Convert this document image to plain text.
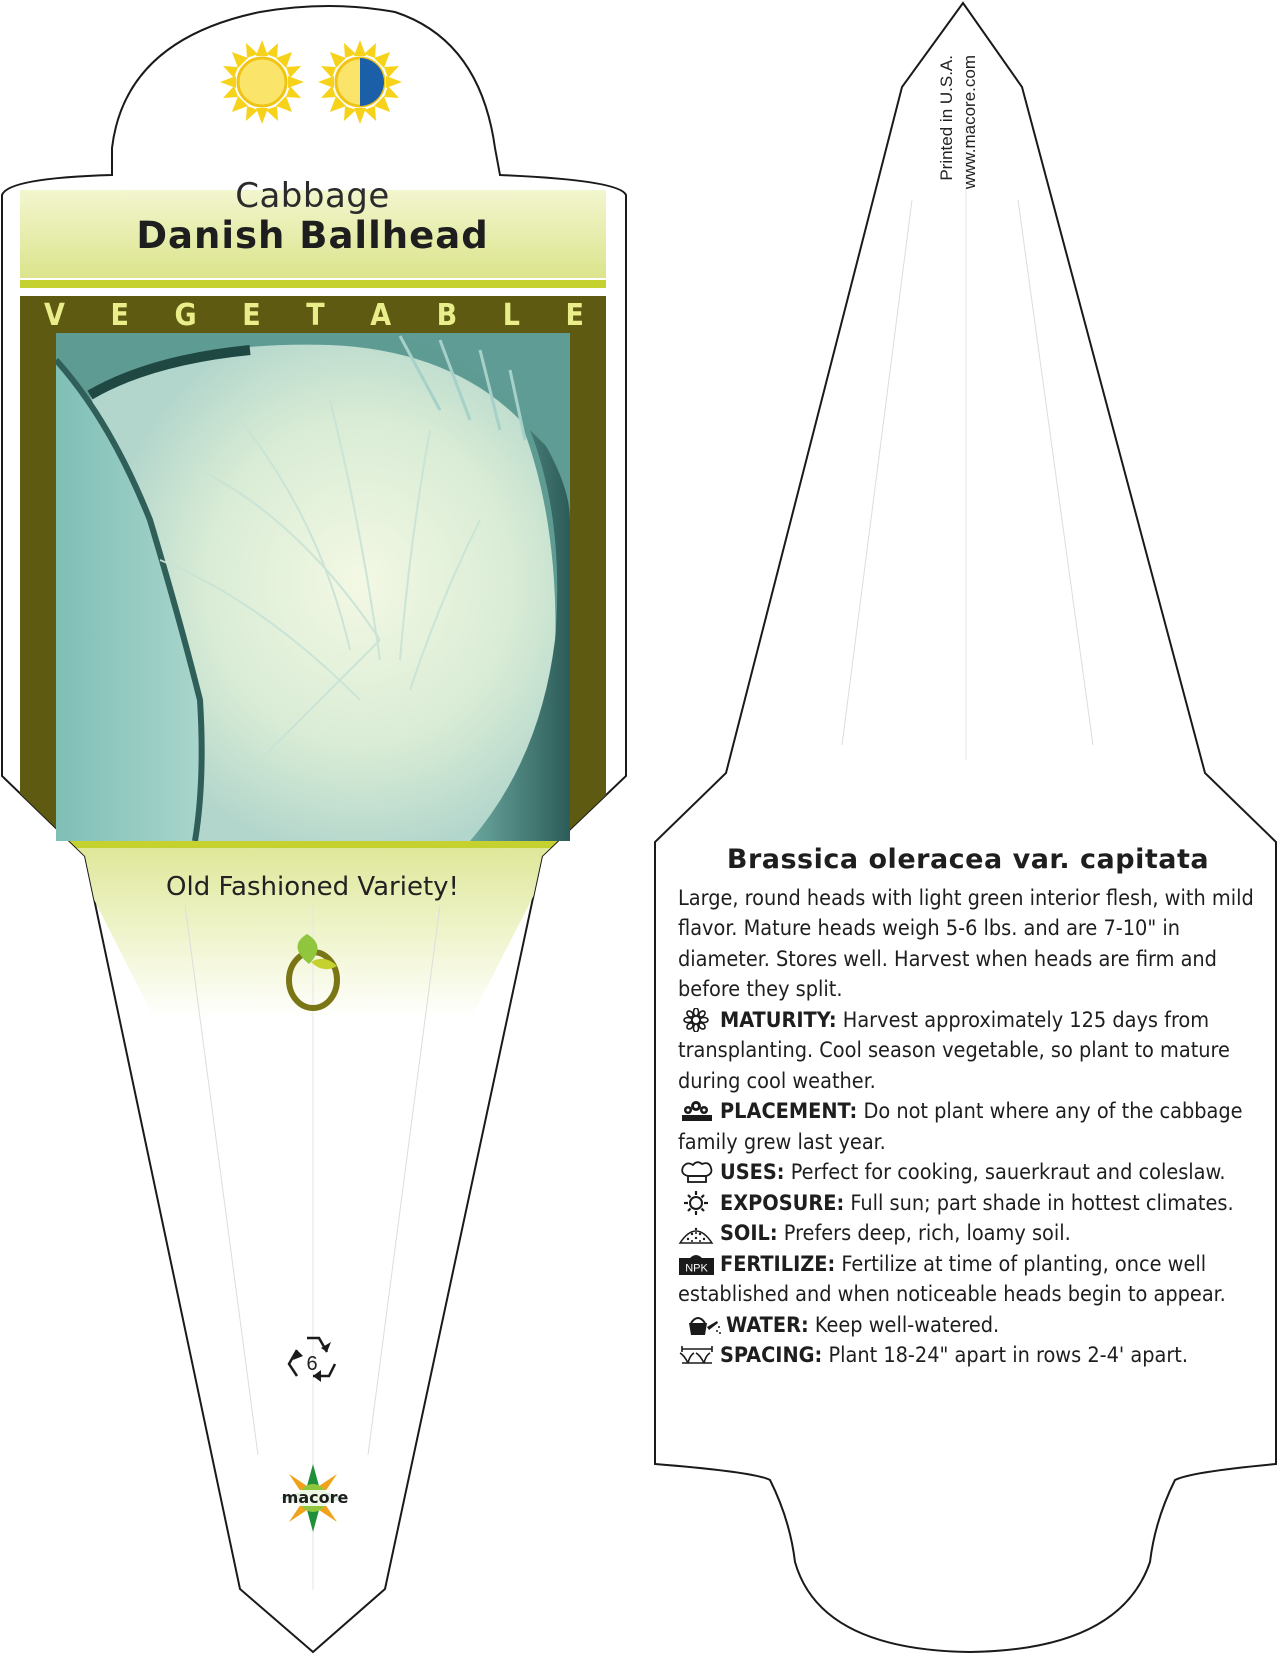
Cabbage
Danish Ballhead
V E G E T A B L E
Old Fashioned Variety!
6
macore
Printed in U.S.A. www.macore.com
Brassica oleracea var. capitata

Large, round heads with light green interior flesh, with mild flavor. Mature heads weigh 5-6 lbs. and are 7-10" in diameter. Stores well. Harvest when heads are firm and before they split.

MATURITY: Harvest approximately 125 days from transplanting. Cool season vegetable, so plant to mature during cool weather.

PLACEMENT: Do not plant where any of the cabbage family grew last year.

USES: Perfect for cooking, sauerkraut and coleslaw.

EXPOSURE: Full sun; part shade in hottest climates.

SOIL: Prefers deep, rich, loamy soil.

NPK FERTILIZE: Fertilize at time of planting, once well established and when noticeable heads begin to appear.

WATER: Keep well-watered.

SPACING: Plant 18-24" apart in rows 2-4' apart.
